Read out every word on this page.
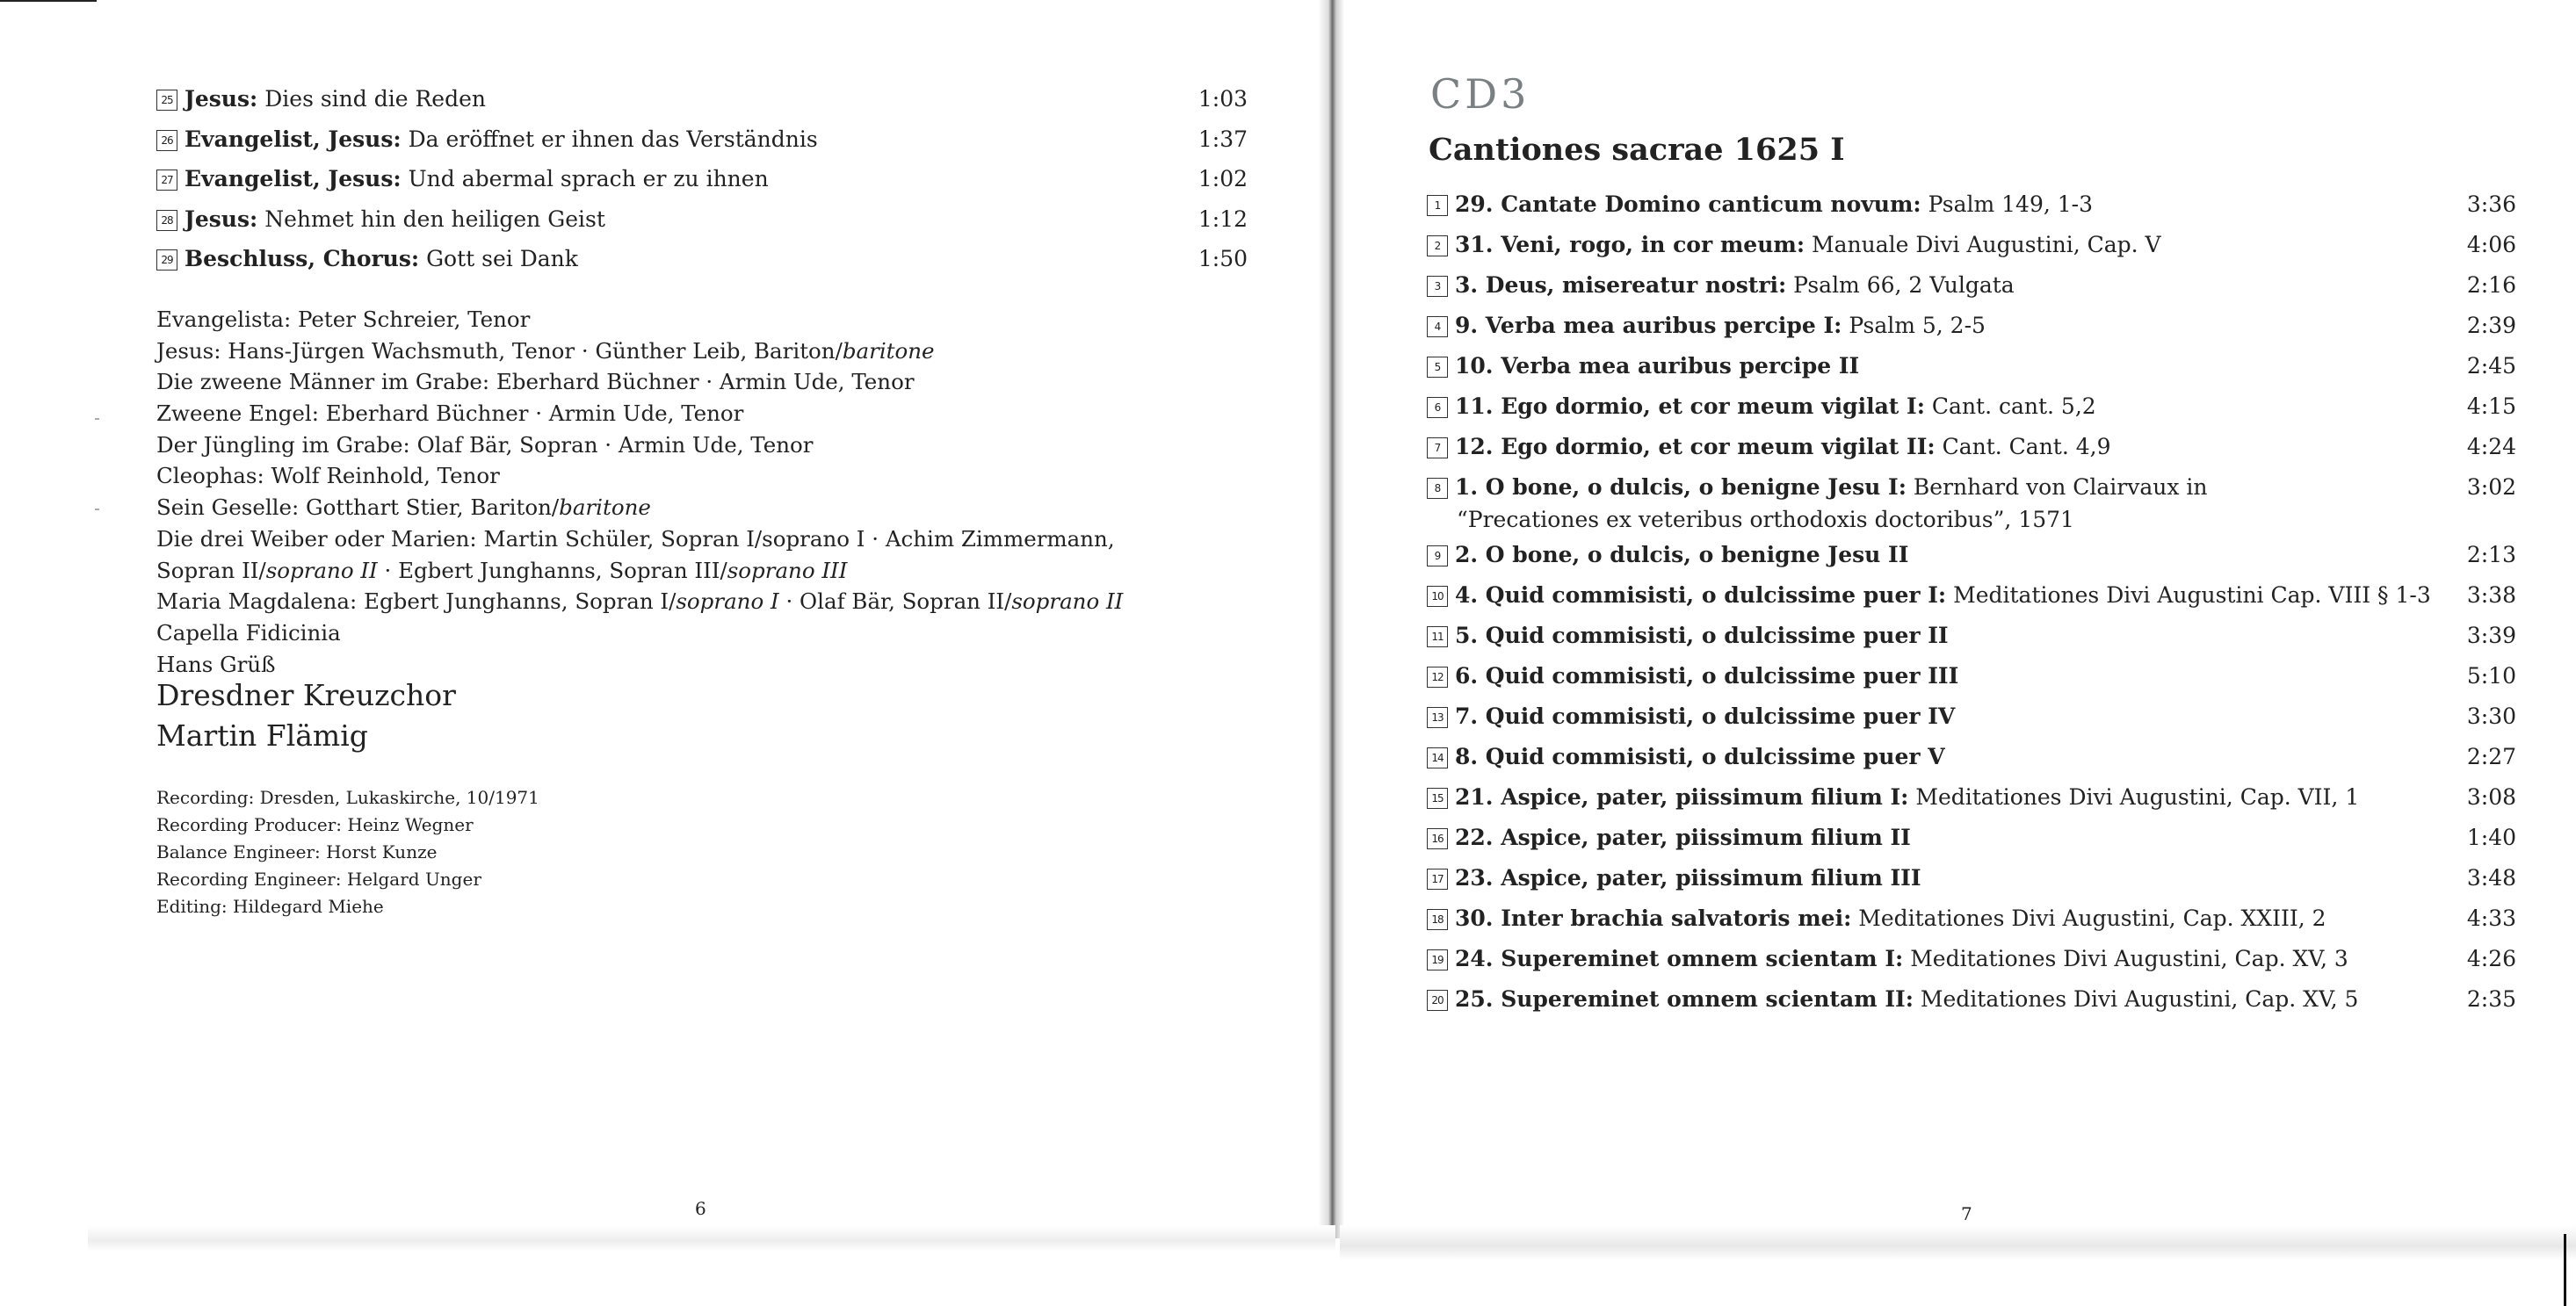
25 Jesus: Dies sind die Reden	1:03
26 Evangelist, Jesus: Da eröffnet er ihnen das Verständnis	1:37
27 Evangelist, Jesus: Und abermal sprach er zu ihnen	1:02
28 Jesus: Nehmet hin den heiligen Geist	1:12
29 Beschluss, Chorus: Gott sei Dank	1:50
Evangelista: Peter Schreier, Tenor
Jesus: Hans-Jürgen Wachsmuth, Tenor · Günther Leib, Bariton/baritone
Die zweene Männer im Grabe: Eberhard Büchner · Armin Ude, Tenor
Zweene Engel: Eberhard Büchner · Armin Ude, Tenor
Der Jüngling im Grabe: Olaf Bär, Sopran · Armin Ude, Tenor
Cleophas: Wolf Reinhold, Tenor
Sein Geselle: Gotthart Stier, Bariton/baritone
Die drei Weiber oder Marien: Martin Schüler, Sopran I/soprano I · Achim Zimmermann,
Sopran II/soprano II · Egbert Junghanns, Sopran III/soprano III
Maria Magdalena: Egbert Junghanns, Sopran I/soprano I · Olaf Bär, Sopran II/soprano II
Capella Fidicinia
Hans Grüß
Dresdner Kreuzchor
Martin Flämig
Recording: Dresden, Lukaskirche, 10/1971
Recording Producer: Heinz Wegner
Balance Engineer: Horst Kunze
Recording Engineer: Helgard Unger
Editing: Hildegard Miehe
6
CD3
Cantiones sacrae 1625 I
1 29. Cantate Domino canticum novum: Psalm 149, 1-3	3:36
2 31. Veni, rogo, in cor meum: Manuale Divi Augustini, Cap. V	4:06
3 3. Deus, misereatur nostri: Psalm 66, 2 Vulgata	2:16
4 9. Verba mea auribus percipe I: Psalm 5, 2-5	2:39
5 10. Verba mea auribus percipe II	2:45
6 11. Ego dormio, et cor meum vigilat I: Cant. cant. 5,2	4:15
7 12. Ego dormio, et cor meum vigilat II: Cant. Cant. 4,9	4:24
8 1. O bone, o dulcis, o benigne Jesu I: Bernhard von Clairvaux in	3:02
“Precationes ex veteribus orthodoxis doctoribus”, 1571
9 2. O bone, o dulcis, o benigne Jesu II	2:13
10 4. Quid commisisti, o dulcissime puer I: Meditationes Divi Augustini Cap. VIII § 1-3 3:38
11 5. Quid commisisti, o dulcissime puer II	3:39
12 6. Quid commisisti, o dulcissime puer III	5:10
13 7. Quid commisisti, o dulcissime puer IV	3:30
14 8. Quid commisisti, o dulcissime puer V	2:27
15 21. Aspice, pater, piissimum filium I: Meditationes Divi Augustini, Cap. VII, 1	3:08
16 22. Aspice, pater, piissimum filium II	1:40
17 23. Aspice, pater, piissimum filium III	3:48
18 30. Inter brachia salvatoris mei: Meditationes Divi Augustini, Cap. XXIII, 2	4:33
19 24. Supereminet omnem scientam I: Meditationes Divi Augustini, Cap. XV, 3	4:26
20 25. Supereminet omnem scientam II: Meditationes Divi Augustini, Cap. XV, 5	2:35
7
